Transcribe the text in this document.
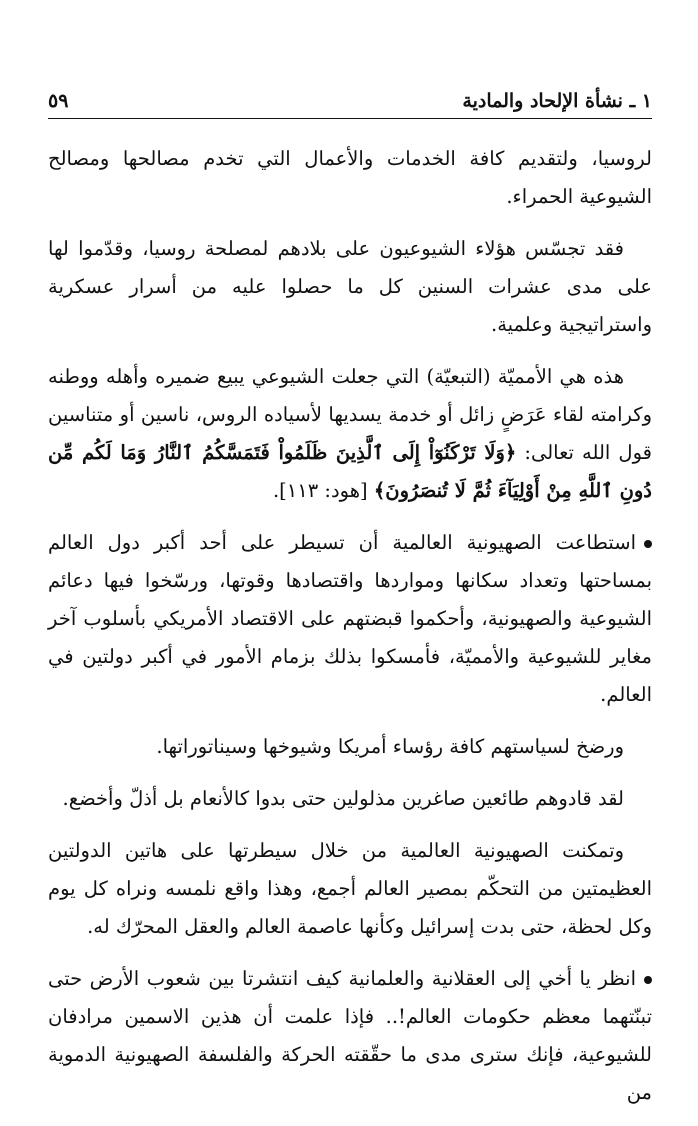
١ ـ نشأة الإلحاد والمادية
٥٩

لروسيا، ولتقديم كافة الخدمات والأعمال التي تخدم مصالحها ومصالح الشيوعية الحمراء.

فقد تجسّس هؤلاء الشيوعيون على بلادهم لمصلحة روسيا، وقدّموا لها على مدى عشرات السنين كل ما حصلوا عليه من أسرار عسكرية واستراتيجية وعلمية.

هذه هي الأمميّة (التبعيّة) التي جعلت الشيوعي يبيع ضميره وأهله ووطنه وكرامته لقاء عَرَضٍ زائل أو خدمة يسديها لأسياده الروس، ناسين أو متناسين قول الله تعالى: ﴿وَلَا تَرْكَنُوٓاْ إِلَى ٱلَّذِينَ ظَلَمُواْ فَتَمَسَّكُمُ ٱلنَّارُ وَمَا لَكُم مِّن دُونِ ٱللَّهِ مِنْ أَوْلِيَآءَ ثُمَّ لَا تُنصَرُونَ﴾ [هود: ١١٣].

استطاعت الصهيونية العالمية أن تسيطر على أحد أكبر دول العالم بمساحتها وتعداد سكانها ومواردها واقتصادها وقوتها، ورسّخوا فيها دعائم الشيوعية والصهيونية، وأحكموا قبضتهم على الاقتصاد الأمريكي بأسلوب آخر مغاير للشيوعية والأمميّة، فأمسكوا بذلك بزمام الأمور في أكبر دولتين في العالم.

ورضخ لسياستهم كافة رؤساء أمريكا وشيوخها وسيناتوراتها.

لقد قادوهم طائعين صاغرين مذلولين حتى بدوا كالأنعام بل أذلّ وأخضع.

وتمكنت الصهيونية العالمية من خلال سيطرتها على هاتين الدولتين العظيمتين من التحكّم بمصير العالم أجمع، وهذا واقع نلمسه ونراه كل يوم وكل لحظة، حتى بدت إسرائيل وكأنها عاصمة العالم والعقل المحرّك له.

انظر يا أخي إلى العقلانية والعلمانية كيف انتشرتا بين شعوب الأرض حتى تبنّتهما معظم حكومات العالم!.. فإذا علمت أن هذين الاسمين مرادفان للشيوعية، فإنك سترى مدى ما حقّقته الحركة والفلسفة الصهيونية الدموية من
